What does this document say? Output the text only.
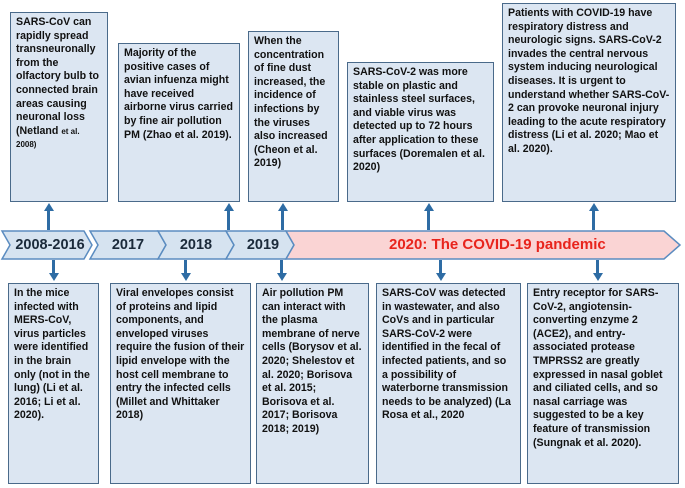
2008-2016	2017	2018	2019	2020: The COVID-19 pandemic
SARS-CoV can rapidly spread transneuronally from the olfactory bulb to connected brain areas causing neuronal loss (Netland et al. 2008)
Majority of the positive cases of avian infuenza might have received airborne virus carried by fine air pollution PM (Zhao et al. 2019).
When the concentration of fine dust increased, the incidence of infections by the viruses also increased (Cheon et al. 2019)
SARS-CoV-2 was more stable on plastic and stainless steel surfaces, and viable virus was detected up to 72 hours after application to these surfaces (Doremalen et al. 2020)
Patients with COVID-19 have respiratory distress and neurologic signs. SARS-CoV-2 invades the central nervous system inducing neurological diseases. It is urgent to understand whether SARS-CoV-2 can provoke neuronal injury leading to the acute respiratory distress (Li et al. 2020; Mao et al. 2020).
In the mice infected with MERS-CoV, virus particles were identified in the brain only (not in the lung) (Li et al. 2016; Li et al. 2020).
Viral envelopes consist of proteins and lipid components, and enveloped viruses require the fusion of their lipid envelope with the host cell membrane to entry the infected cells (Millet and Whittaker 2018)
Air pollution PM can interact with the plasma membrane of nerve cells (Borysov et al. 2020; Shelestov et al. 2020; Borisova et al. 2015; Borisova et al. 2017; Borisova 2018; 2019)
SARS-CoV was detected in wastewater, and also CoVs and in particular SARS-CoV-2 were identified in the fecal of infected patients, and so a possibility of waterborne transmission needs to be analyzed) (La Rosa et al., 2020
Entry receptor for SARS-CoV-2, angiotensin-converting enzyme 2 (ACE2), and entry-associated protease TMPRSS2 are greatly expressed in nasal goblet and ciliated cells, and so nasal carriage was suggested to be a key feature of transmission (Sungnak et al. 2020).
